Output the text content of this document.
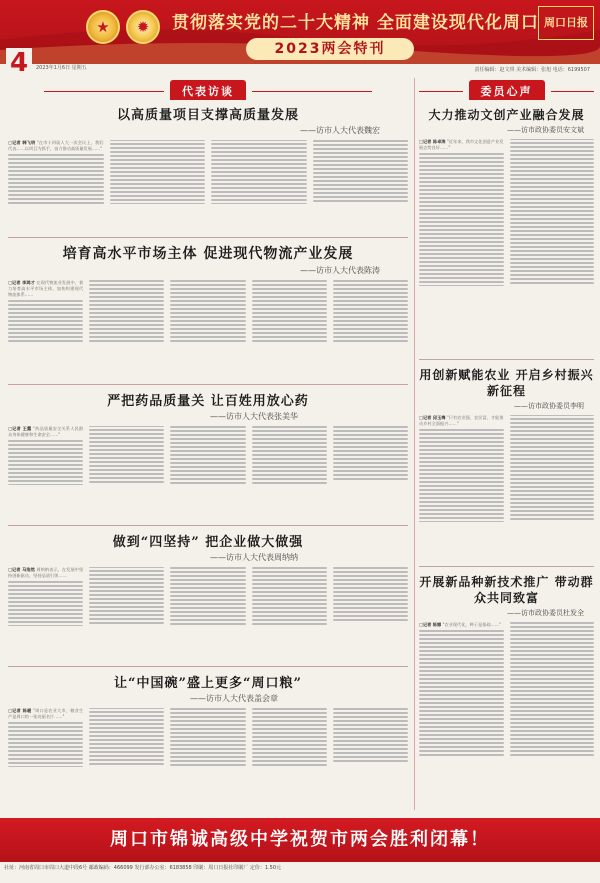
★	✹	贯彻落实党的二十大精神 全面建设现代化周口 周口日报
2023两会特刊
4	2023年1月6日 星期五	责任编辑：赵文琪 美术编辑：张旭 电话：6199507
代表访谈
以高质量项目支撑高质量发展
——访市人大代表魏宏
□记者 韩飞明 "在市十四届人大一次会议上，我们代表……以项目为抓手，奋力推动高质量发展……"
培育高水平市场主体 促进现代物流产业发展
——访市人大代表陈涛
□记者 李鸿才 在现代物流业发展中，着力培育高水平市场主体，加快构建现代物流体系……
严把药品质量关 让百姓用放心药
——访市人大代表张美华
□记者 王露 "药品质量安全关系人民群众身体健康和生命安全……"
做到“四坚持” 把企业做大做强
——访市人大代表周纳纳
□记者 马浩然 周纳纳表示，在发展中坚持创新驱动，坚持品质引领……
让“中国碗”盛上更多“周口粮”
——访市人大代表盖会章
□记者 陈暖 "周口是农业大市，粮食生产是周口的一张亮丽名片……"
委员心声
大力推动文创产业融合发展
——访市政协委员安文斌
□记者 陈卓涛 "近年来，我市文化创意产业发展态势良好……"
用创新赋能农业 开启乡村振兴新征程
——访市政协委员李明
□记者 邱玉梅 "只有农业强、农民富，才能推动乡村全面振兴……"
开展新品种新技术推广 带动群众共同致富
——访市政协委员杜发全
□记者 陈娜 "农业现代化，种子是基础……"
周口市锦诚高级中学祝贺市两会胜利闭幕！
社址：河南省周口市周口大道中段6号 邮政编码：466099 发行部办公室：6183858 印刷：周口日报社印刷厂 定价：1.50元
